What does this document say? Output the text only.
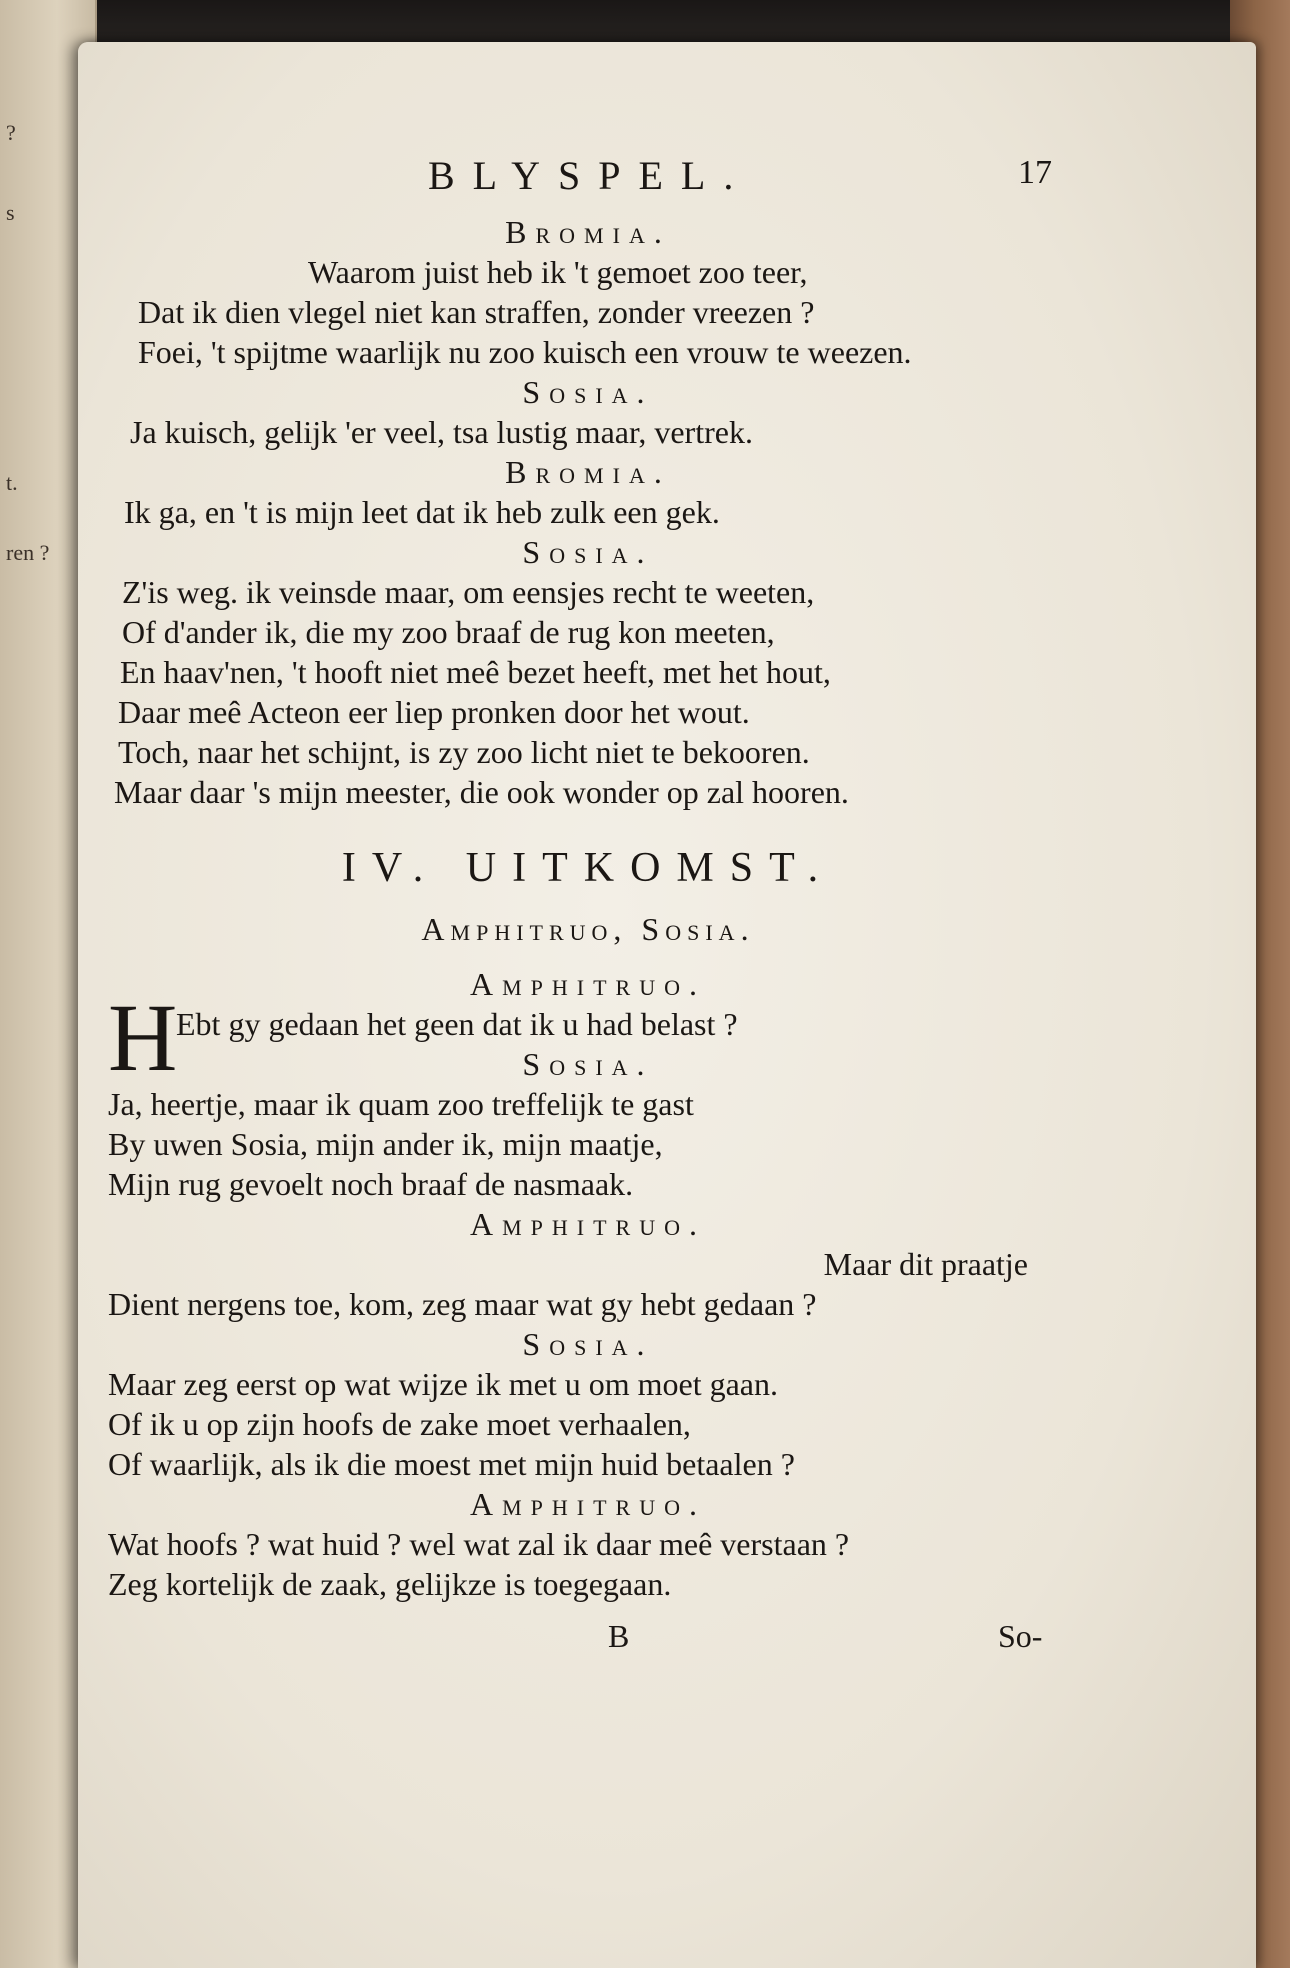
?
s
t.
ren ?
BLYSPEL.	17
Bromia.
Waarom juist heb ik 't gemoet zoo teer,
Dat ik dien vlegel niet kan straffen, zonder vreezen ?
Foei, 't spijtme waarlijk nu zoo kuisch een vrouw te weezen.
Sosia.
Ja kuisch, gelijk 'er veel, tsa lustig maar, vertrek.
Bromia.
Ik ga, en 't is mijn leet dat ik heb zulk een gek.
Sosia.
Z'is weg. ik veinsde maar, om eensjes recht te weeten,
Of d'ander ik, die my zoo braaf de rug kon meeten,
En haav'nen, 't hooft niet meê bezet heeft, met het hout,
Daar meê Acteon eer liep pronken door het wout.
Toch, naar het schijnt, is zy zoo licht niet te bekooren.
Maar daar 's mijn meester, die ook wonder op zal hooren.
IV. UITKOMST.
Amphitruo, Sosia.
Amphitruo.
H
Ebt gy gedaan het geen dat ik u had belast ?
Sosia.
Ja, heertje, maar ik quam zoo treffelijk te gast
By uwen Sosia, mijn ander ik, mijn maatje,
Mijn rug gevoelt noch braaf de nasmaak.
Amphitruo.
Maar dit praatje
Dient nergens toe, kom, zeg maar wat gy hebt gedaan ?
Sosia.
Maar zeg eerst op wat wijze ik met u om moet gaan.
Of ik u op zijn hoofs de zake moet verhaalen,
Of waarlijk, als ik die moest met mijn huid betaalen ?
Amphitruo.
Wat hoofs ? wat huid ? wel wat zal ik daar meê verstaan ?
Zeg kortelijk de zaak, gelijkze is toegegaan.
B	So-
